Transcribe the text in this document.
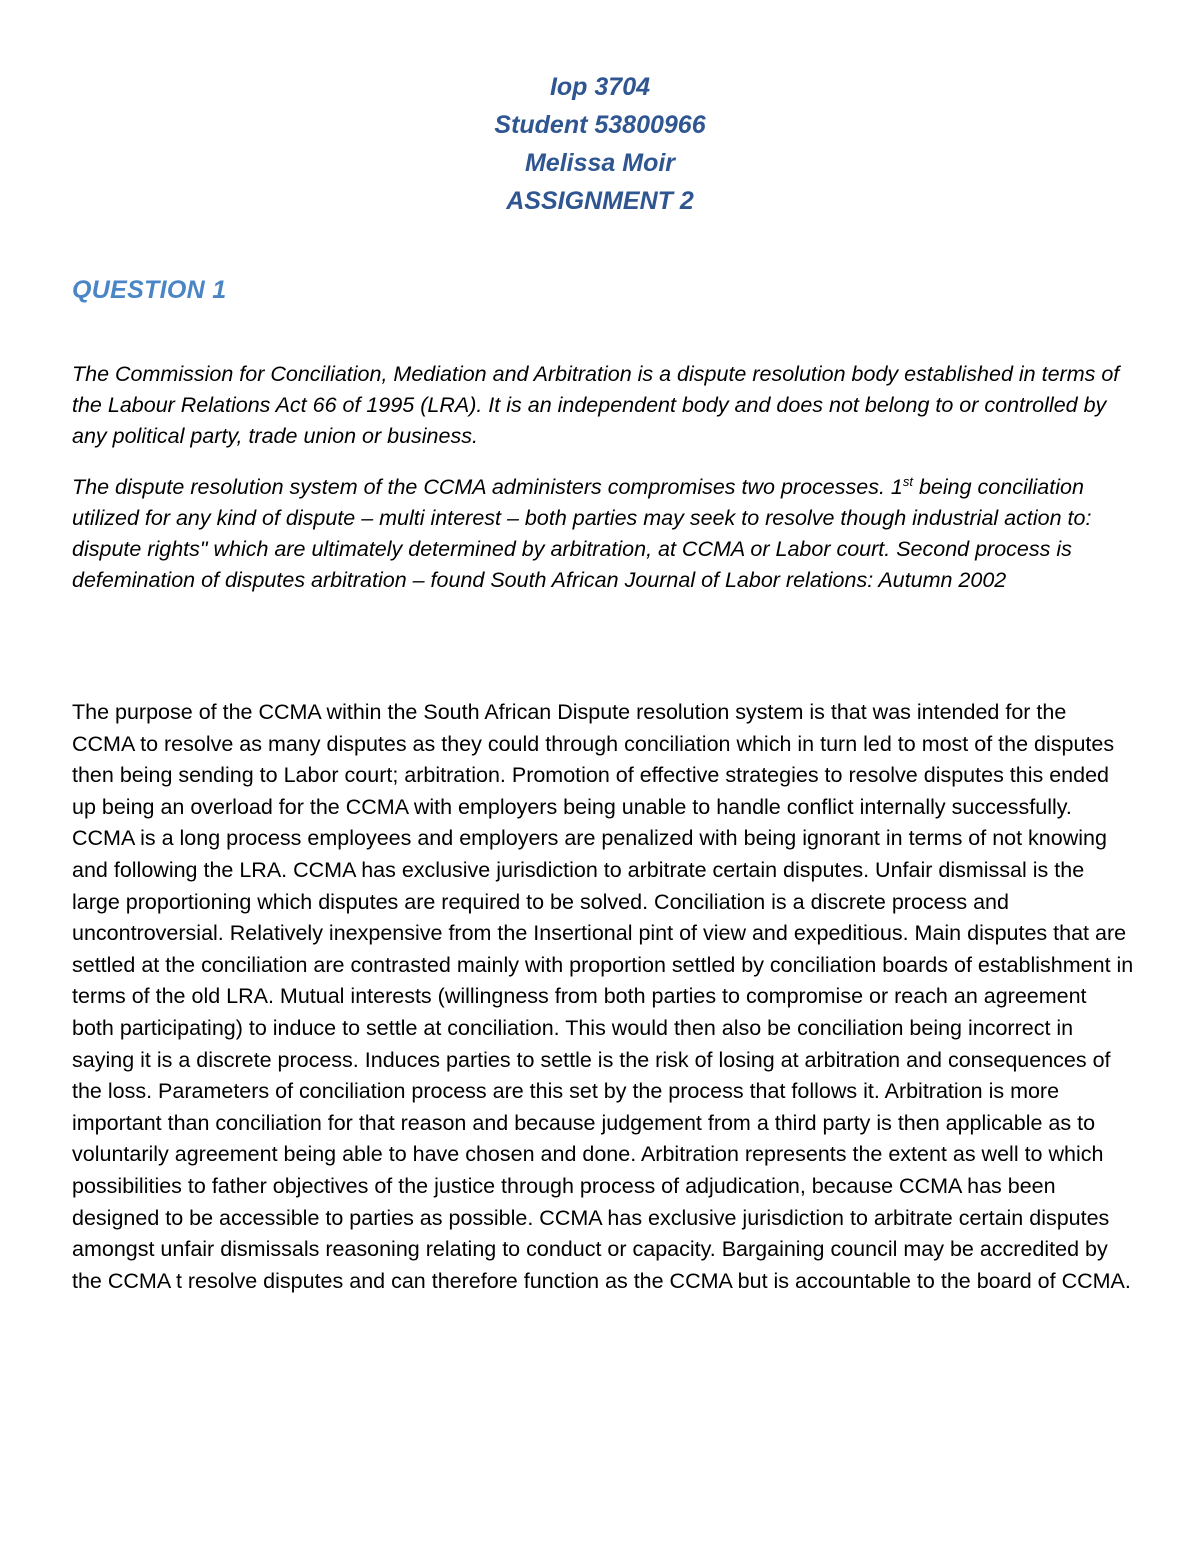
Iop 3704
Student 53800966
Melissa Moir
ASSIGNMENT 2
QUESTION 1

The Commission for Conciliation, Mediation and Arbitration is a dispute resolution body established in terms of the Labour Relations Act 66 of 1995 (LRA). It is an independent body and does not belong to or controlled by any political party, trade union or business.

The dispute resolution system of the CCMA administers compromises two processes. 1st being conciliation utilized for any kind of dispute – multi interest – both parties may seek to resolve though industrial action to: dispute rights" which are ultimately determined by arbitration, at CCMA or Labor court. Second process is defemination of disputes arbitration – found South African Journal of Labor relations: Autumn 2002

The purpose of the CCMA within the South African Dispute resolution system is that was intended for the CCMA to resolve as many disputes as they could through conciliation which in turn led to most of the disputes then being sending to Labor court; arbitration. Promotion of effective strategies to resolve disputes this ended up being an overload for the CCMA with employers being unable to handle conflict internally successfully. CCMA is a long process employees and employers are penalized with being ignorant in terms of not knowing and following the LRA. CCMA has exclusive jurisdiction to arbitrate certain disputes. Unfair dismissal is the large proportioning which disputes are required to be solved. Conciliation is a discrete process and uncontroversial. Relatively inexpensive from the Insertional pint of view and expeditious. Main disputes that are settled at the conciliation are contrasted mainly with proportion settled by conciliation boards of establishment in terms of the old LRA. Mutual interests (willingness from both parties to compromise or reach an agreement both participating) to induce to settle at conciliation. This would then also be conciliation being incorrect in saying it is a discrete process. Induces parties to settle is the risk of losing at arbitration and consequences of the loss. Parameters of conciliation process are this set by the process that follows it. Arbitration is more important than conciliation for that reason and because judgement from a third party is then applicable as to voluntarily agreement being able to have chosen and done. Arbitration represents the extent as well to which possibilities to father objectives of the justice through process of adjudication, because CCMA has been designed to be accessible to parties as possible. CCMA has exclusive jurisdiction to arbitrate certain disputes amongst unfair dismissals reasoning relating to conduct or capacity. Bargaining council may be accredited by the CCMA t resolve disputes and can therefore function as the CCMA but is accountable to the board of CCMA.
